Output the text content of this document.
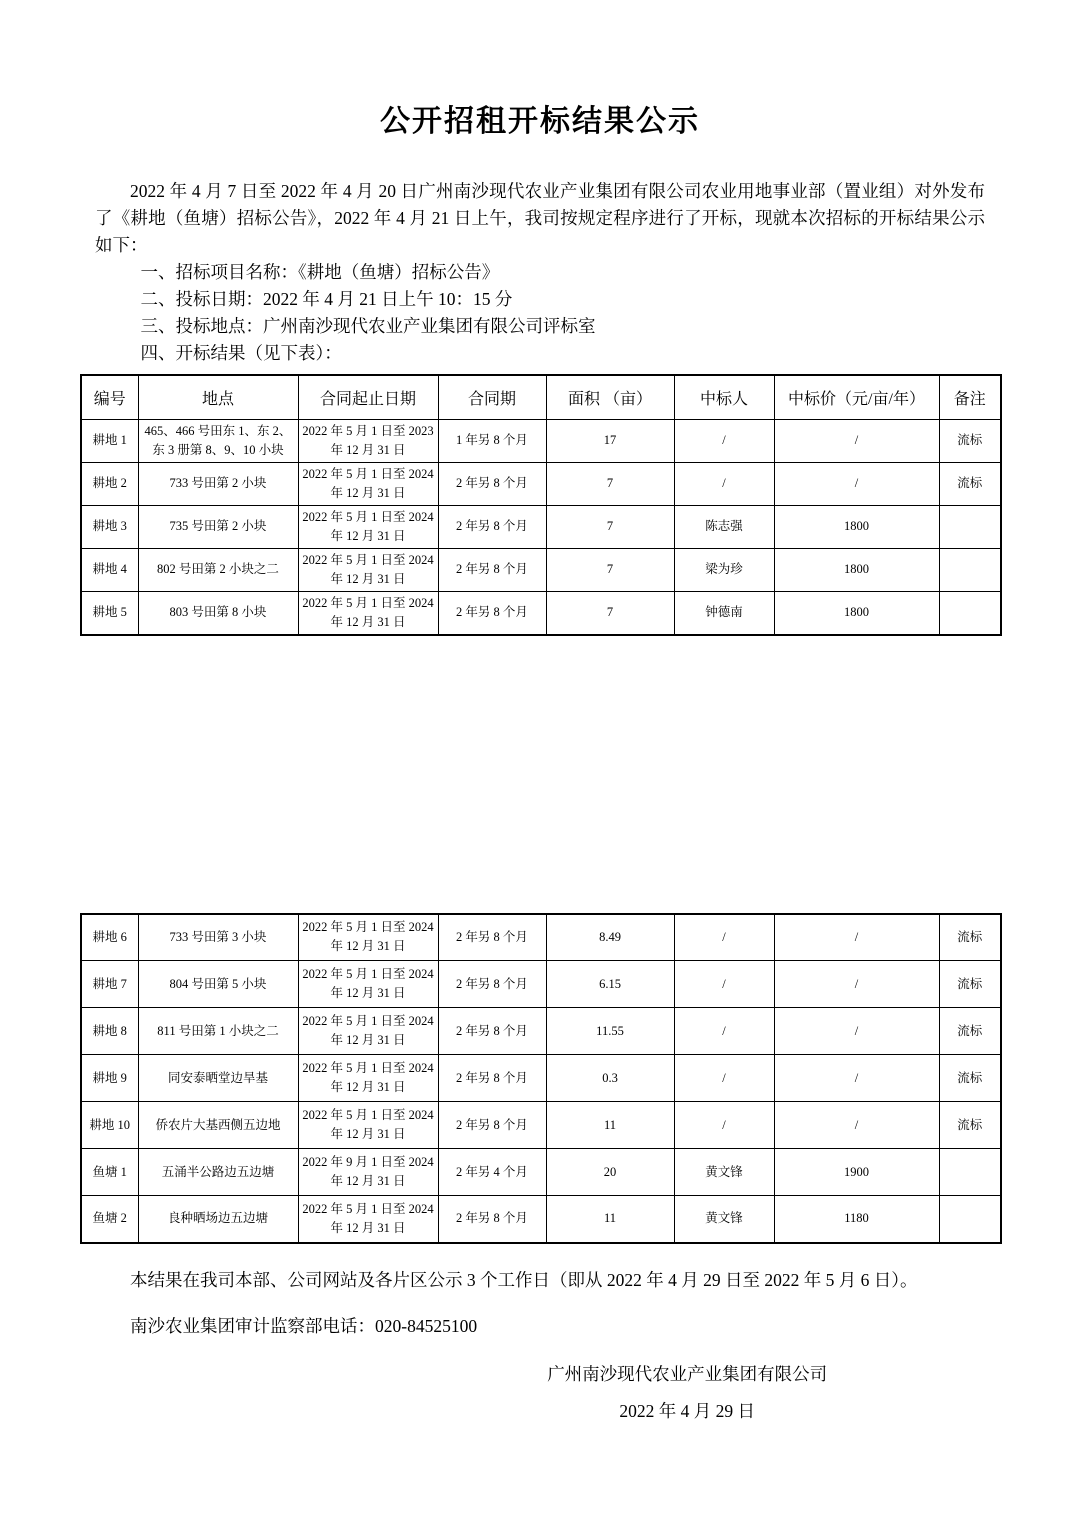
公开招租开标结果公示

2022 年 4 月 7 日至 2022 年 4 月 20 日广州南沙现代农业产业集团有限公司农业用地事业部（置业组）对外发布了《耕地（鱼塘）招标公告》，2022 年 4 月 21 日上午，我司按规定程序进行了开标，现就本次招标的开标结果公示如下：

一、招标项目名称：《耕地（鱼塘）招标公告》
二、投标日期：2022 年 4 月 21 日上午 10：15 分
三、投标地点：广州南沙现代农业产业集团有限公司评标室
四、开标结果（见下表）：
编号	地点	合同起止日期	合同期	面积 （亩）	中标人	中标价（元/亩/年）	备注
耕地 1	465、466 号田东 1、东 2、东 3 册第 8、9、10 小块	2022 年 5 月 1 日至 2023 年 12 月 31 日	1 年另 8 个月	17	/	/	流标
耕地 2	733 号田第 2 小块	2022 年 5 月 1 日至 2024 年 12 月 31 日	2 年另 8 个月	7	/	/	流标
耕地 3	735 号田第 2 小块	2022 年 5 月 1 日至 2024 年 12 月 31 日	2 年另 8 个月	7	陈志强	1800	
耕地 4	802 号田第 2 小块之二	2022 年 5 月 1 日至 2024 年 12 月 31 日	2 年另 8 个月	7	梁为珍	1800	
耕地 5	803 号田第 8 小块	2022 年 5 月 1 日至 2024 年 12 月 31 日	2 年另 8 个月	7	钟德南	1800	
耕地 6	733 号田第 3 小块	2022 年 5 月 1 日至 2024 年 12 月 31 日	2 年另 8 个月	8.49	/	/	流标
耕地 7	804 号田第 5 小块	2022 年 5 月 1 日至 2024 年 12 月 31 日	2 年另 8 个月	6.15	/	/	流标
耕地 8	811 号田第 1 小块之二	2022 年 5 月 1 日至 2024 年 12 月 31 日	2 年另 8 个月	11.55	/	/	流标
耕地 9	同安泰晒堂边旱基	2022 年 5 月 1 日至 2024 年 12 月 31 日	2 年另 8 个月	0.3	/	/	流标
耕地 10	侨农片大基西侧五边地	2022 年 5 月 1 日至 2024 年 12 月 31 日	2 年另 8 个月	11	/	/	流标
鱼塘 1	五涌半公路边五边塘	2022 年 9 月 1 日至 2024 年 12 月 31 日	2 年另 4 个月	20	黄文锋	1900	
鱼塘 2	良种晒场边五边塘	2022 年 5 月 1 日至 2024 年 12 月 31 日	2 年另 8 个月	11	黄文锋	1180	

本结果在我司本部、公司网站及各片区公示 3 个工作日（即从 2022 年 4 月 29 日至 2022 年 5 月 6 日）。

南沙农业集团审计监察部电话：020-84525100
广州南沙现代农业产业集团有限公司
2022 年 4 月 29 日
